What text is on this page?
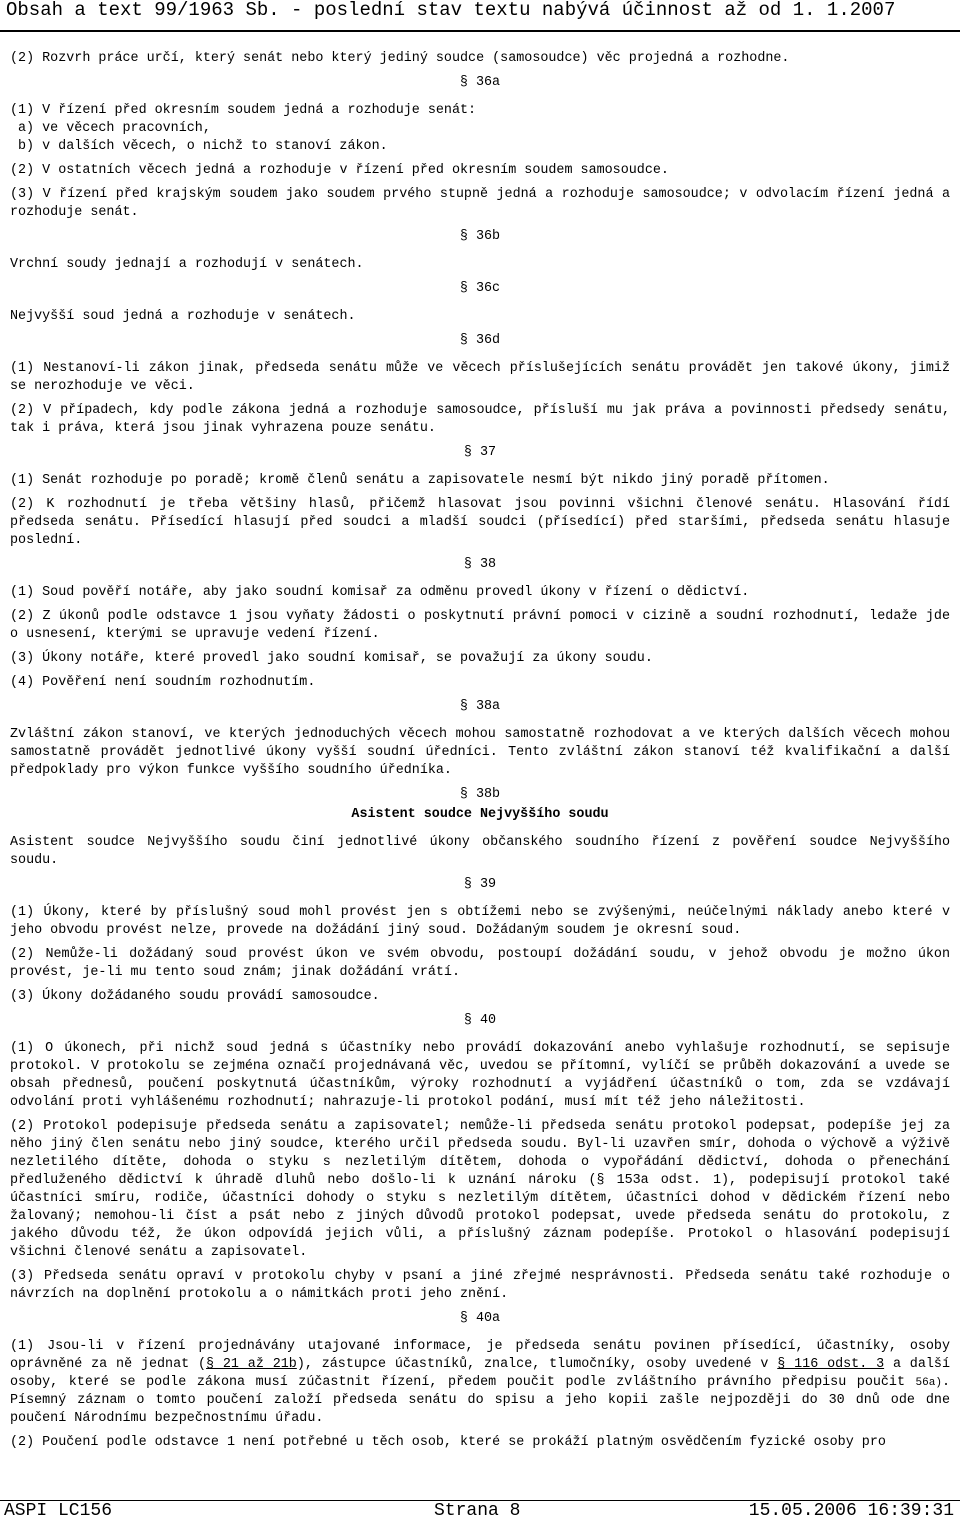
Obsah a text 99/1963 Sb. - poslední stav textu nabývá účinnost až od 1. 1.2007

(2) Rozvrh práce určí, který senát nebo který jediný soudce (samosoudce) věc projedná a rozhodne.

§ 36a

(1) V řízení před okresním soudem jedná a rozhoduje senát:

a) ve věcech pracovních,

b) v dalších věcech, o nichž to stanoví zákon.

(2) V ostatních věcech jedná a rozhoduje v řízení před okresním soudem samosoudce.

(3) V řízení před krajským soudem jako soudem prvého stupně jedná a rozhoduje samosoudce; v odvolacím řízení jedná a rozhoduje senát.

§ 36b

Vrchní soudy jednají a rozhodují v senátech.

§ 36c

Nejvyšší soud jedná a rozhoduje v senátech.

§ 36d

(1) Nestanoví-li zákon jinak, předseda senátu může ve věcech příslušejících senátu provádět jen takové úkony, jimiž se nerozhoduje ve věci.

(2) V případech, kdy podle zákona jedná a rozhoduje samosoudce, přísluší mu jak práva a povinnosti předsedy senátu, tak i práva, která jsou jinak vyhrazena pouze senátu.

§ 37

(1) Senát rozhoduje po poradě; kromě členů senátu a zapisovatele nesmí být nikdo jiný poradě přítomen.

(2) K rozhodnutí je třeba většiny hlasů, přičemž hlasovat jsou povinni všichni členové senátu. Hlasování řídí předseda senátu. Přísedící hlasují před soudci a mladší soudci (přísedící) před staršími, předseda senátu hlasuje poslední.

§ 38

(1) Soud pověří notáře, aby jako soudní komisař za odměnu provedl úkony v řízení o dědictví.

(2) Z úkonů podle odstavce 1 jsou vyňaty žádosti o poskytnutí právní pomoci v cizině a soudní rozhodnutí, ledaže jde o usnesení, kterými se upravuje vedení řízení.

(3) Úkony notáře, které provedl jako soudní komisař, se považují za úkony soudu.

(4) Pověření není soudním rozhodnutím.

§ 38a

Zvláštní zákon stanoví, ve kterých jednoduchých věcech mohou samostatně rozhodovat a ve kterých dalších věcech mohou samostatně provádět jednotlivé úkony vyšší soudní úředníci. Tento zvláštní zákon stanoví též kvalifikační a další předpoklady pro výkon funkce vyššího soudního úředníka.

§ 38b
Asistent soudce Nejvyššího soudu

Asistent soudce Nejvyššího soudu činí jednotlivé úkony občanského soudního řízení z pověření soudce Nejvyššího soudu.

§ 39

(1) Úkony, které by příslušný soud mohl provést jen s obtížemi nebo se zvýšenými, neúčelnými náklady anebo které v jeho obvodu provést nelze, provede na dožádání jiný soud. Dožádaným soudem je okresní soud.

(2) Nemůže-li dožádaný soud provést úkon ve svém obvodu, postoupí dožádání soudu, v jehož obvodu je možno úkon provést, je-li mu tento soud znám; jinak dožádání vrátí.

(3) Úkony dožádaného soudu provádí samosoudce.

§ 40

(1) O úkonech, při nichž soud jedná s účastníky nebo provádí dokazování anebo vyhlašuje rozhodnutí, se sepisuje protokol. V protokolu se zejména označí projednávaná věc, uvedou se přítomní, vylíčí se průběh dokazování a uvede se obsah přednesů, poučení poskytnutá účastníkům, výroky rozhodnutí a vyjádření účastníků o tom, zda se vzdávají odvolání proti vyhlášenému rozhodnutí; nahrazuje-li protokol podání, musí mít též jeho náležitosti.

(2) Protokol podepisuje předseda senátu a zapisovatel; nemůže-li předseda senátu protokol podepsat, podepíše jej za něho jiný člen senátu nebo jiný soudce, kterého určil předseda soudu. Byl-li uzavřen smír, dohoda o výchově a výživě nezletilého dítěte, dohoda o styku s nezletilým dítětem, dohoda o vypořádání dědictví, dohoda o přenechání předluženého dědictví k úhradě dluhů nebo došlo-li k uznání nároku (§ 153a odst. 1), podepisují protokol také účastníci smíru, rodiče, účastníci dohody o styku s nezletilým dítětem, účastníci dohod v dědickém řízení nebo žalovaný; nemohou-li číst a psát nebo z jiných důvodů protokol podepsat, uvede předseda senátu do protokolu, z jakého důvodu též, že úkon odpovídá jejich vůli, a příslušný záznam podepíše. Protokol o hlasování podepisují všichni členové senátu a zapisovatel.

(3) Předseda senátu opraví v protokolu chyby v psaní a jiné zřejmé nesprávnosti. Předseda senátu také rozhoduje o návrzích na doplnění protokolu a o námitkách proti jeho znění.

§ 40a

(1) Jsou-li v řízení projednávány utajované informace, je předseda senátu povinen přísedící, účastníky, osoby oprávněné za ně jednat (§ 21 až 21b), zástupce účastníků, znalce, tlumočníky, osoby uvedené v § 116 odst. 3 a další osoby, které se podle zákona musí zúčastnit řízení, předem poučit podle zvláštního právního předpisu poučit 56a). Písemný záznam o tomto poučení založí předseda senátu do spisu a jeho kopii zašle nejpozději do 30 dnů ode dne poučení Národnímu bezpečnostnímu úřadu.

(2) Poučení podle odstavce 1 není potřebné u těch osob, které se prokáží platným osvědčením fyzické osoby pro

ASPI LC156	Strana 8	15.05.2006 16:39:31
